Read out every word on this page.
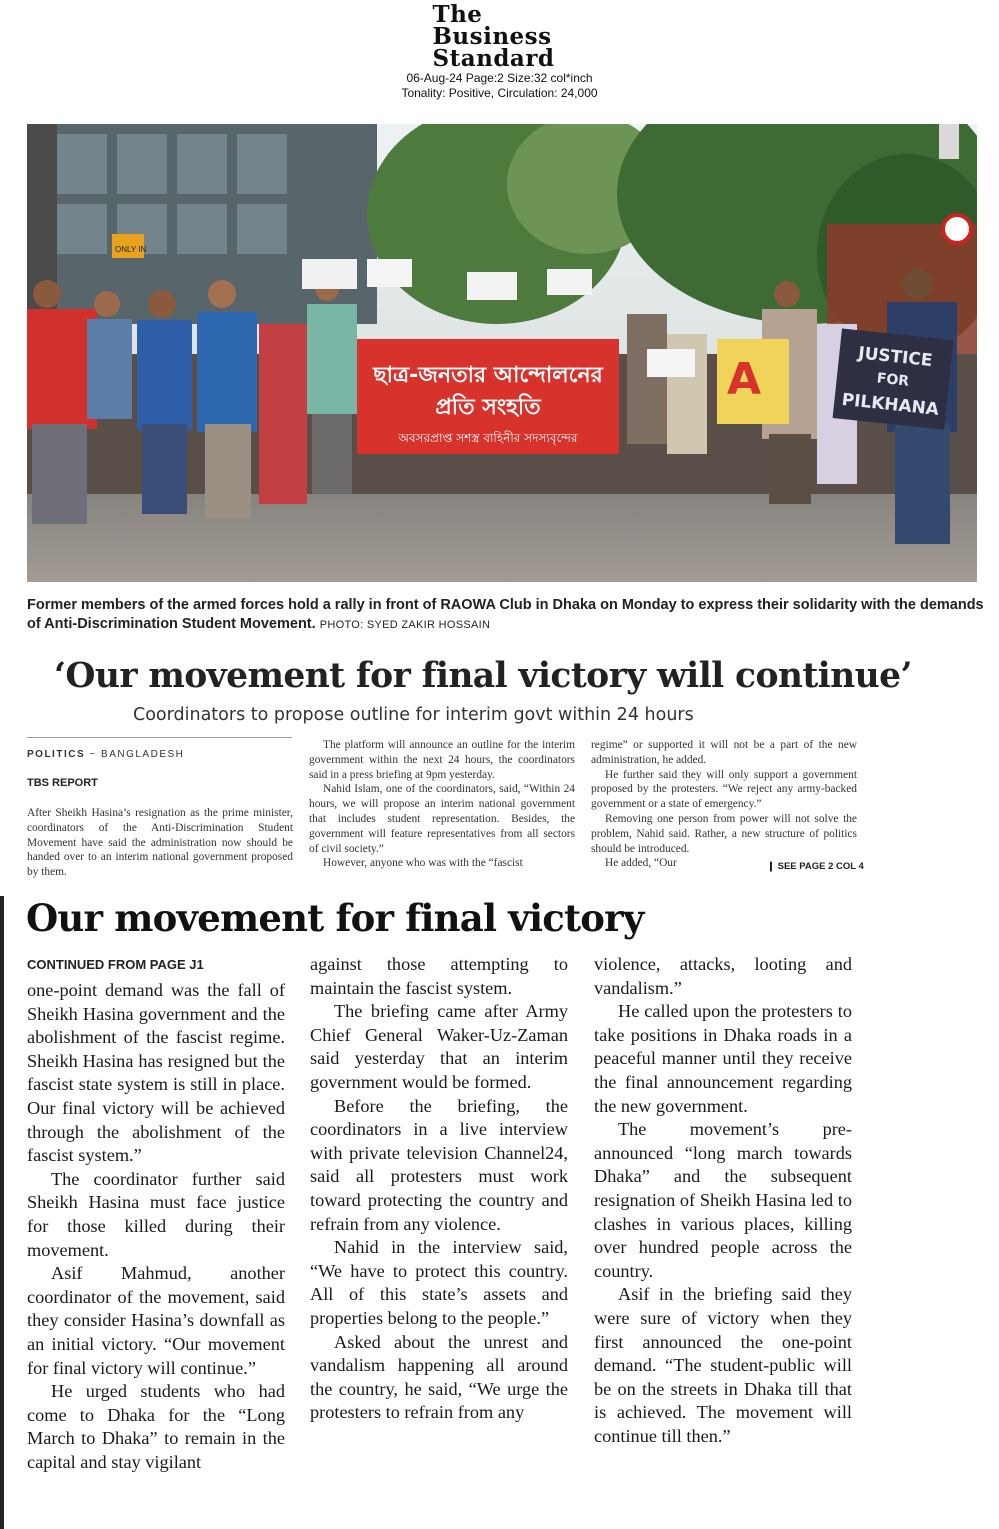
The
Business
Standard
06-Aug-24 Page:2 Size:32 col*inch
Tonality: Positive, Circulation: 24,000
ONLY IN
ছাত্র-জনতার আন্দোলনের
প্রতি সংহতি
অবসরপ্রাপ্ত সশস্ত্র বাহিনীর সদস্যবৃন্দের
A	JUSTICE
FOR
PILKHANA
Former members of the armed forces hold a rally in front of RAOWA Club in Dhaka on Monday to express their solidarity with the demands of Anti-Discrimination Student Movement. PHOTO: SYED ZAKIR HOSSAIN
‘Our movement for final victory will continue’
Coordinators to propose outline for interim govt within 24 hours
POLITICS ~ BANGLADESH
TBS REPORT

After Sheikh Hasina’s resignation as the prime minister, coordinators of the Anti-Discrimination Student Movement have said the administration now should be handed over to an interim national government proposed by them.

The platform will announce an outline for the interim government within the next 24 hours, the coordinators said in a press briefing at 9pm yesterday.

Nahid Islam, one of the coordinators, said, “Within 24 hours, we will propose an interim national government that includes student representation. Besides, the government will feature representatives from all sectors of civil society.”

However, anyone who was with the “fascist

regime” or supported it will not be a part of the new administration, he added.

He further said they will only support a government proposed by the protesters. “We reject any army-backed government or a state of emergency.”

Removing one person from power will not solve the problem, Nahid said. Rather, a new structure of politics should be introduced.

He added, “Our	❙ SEE PAGE 2 COL 4
Our movement for final victory
CONTINUED FROM PAGE J1

one-point demand was the fall of Sheikh Hasina government and the abolishment of the fascist regime. Sheikh Hasina has resigned but the fascist state system is still in place. Our final victory will be achieved through the abolishment of the fascist system.”

The coordinator further said Sheikh Hasina must face justice for those killed during their movement.

Asif Mahmud, another coordinator of the movement, said they consider Hasina’s downfall as an initial victory. “Our movement for final victory will continue.”

He urged students who had come to Dhaka for the “Long March to Dhaka” to remain in the capital and stay vigilant

against those attempting to maintain the fascist system.

The briefing came after Army Chief General Waker-Uz-Zaman said yesterday that an interim government would be formed.

Before the briefing, the coordinators in a live interview with private television Channel24, said all protesters must work toward protecting the country and refrain from any violence.

Nahid in the interview said, “We have to protect this country. All of this state’s assets and properties belong to the people.”

Asked about the unrest and vandalism happening all around the country, he said, “We urge the protesters to refrain from any

violence, attacks, looting and vandalism.”

He called upon the protesters to take positions in Dhaka roads in a peaceful manner until they receive the final announcement regarding the new government.

The movement’s pre-announced “long march towards Dhaka” and the subsequent resignation of Sheikh Hasina led to clashes in various places, killing over hundred people across the country.

Asif in the briefing said they were sure of victory when they first announced the one-point demand. “The student-public will be on the streets in Dhaka till that is achieved. The movement will continue till then.”
